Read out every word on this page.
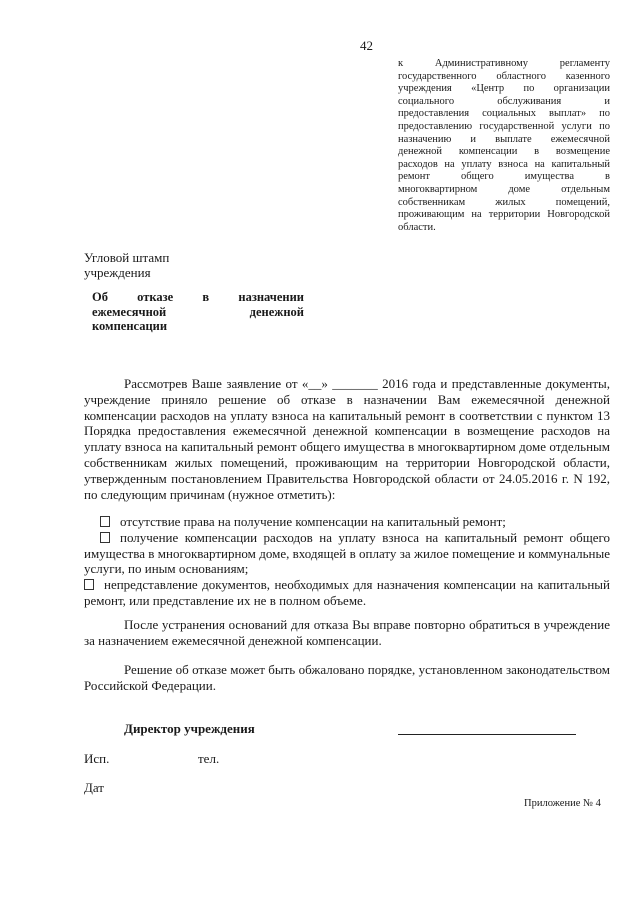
42

к Административному регламенту

государственного областного казенного

учреждения «Центр по организации

социального обслуживания и

предоставления социальных выплат» по

предоставлению государственной услуги по

назначению и выплате ежемесячной

денежной компенсации в возмещение

расходов на уплату взноса на капитальный

ремонт общего имущества в

многоквартирном доме отдельным

собственникам жилых помещений,

проживающим на территории Новгородской

области.

Угловой штамп
учреждения

Об отказе в назначении

ежемесячной денежной

компенсации

Рассмотрев Ваше заявление от «__» _______ 2016 года и представленные документы, учреждение приняло решение об отказе в назначении Вам ежемесячной денежной компенсации расходов на уплату взноса на капитальный ремонт в соответствии с пунктом 13 Порядка предоставления ежемесячной денежной компенсации в возмещение расходов на уплату взноса на капитальный ремонт общего имущества в многоквартирном доме отдельным собственникам жилых помещений, проживающим на территории Новгородской области, утвержденным постановлением Правительства Новгородской области от 24.05.2016 г. N 192, по следующим причинам (нужное отметить):

отсутствие права на получение компенсации на капитальный ремонт;

получение компенсации расходов на уплату взноса на капитальный ремонт общего имущества в многоквартирном доме, входящей в оплату за жилое помещение и коммунальные услуги, по иным основаниям;

непредставление документов, необходимых для назначения компенсации на капитальный ремонт, или представление их не в полном объеме.

После устранения оснований для отказа Вы вправе повторно обратиться в учреждение за назначением ежемесячной денежной компенсации.

Решение об отказе может быть обжаловано порядке, установленном законодательством Российской Федерации.

Директор учреждения
Исп.	тел.
Дат
Приложение № 4
